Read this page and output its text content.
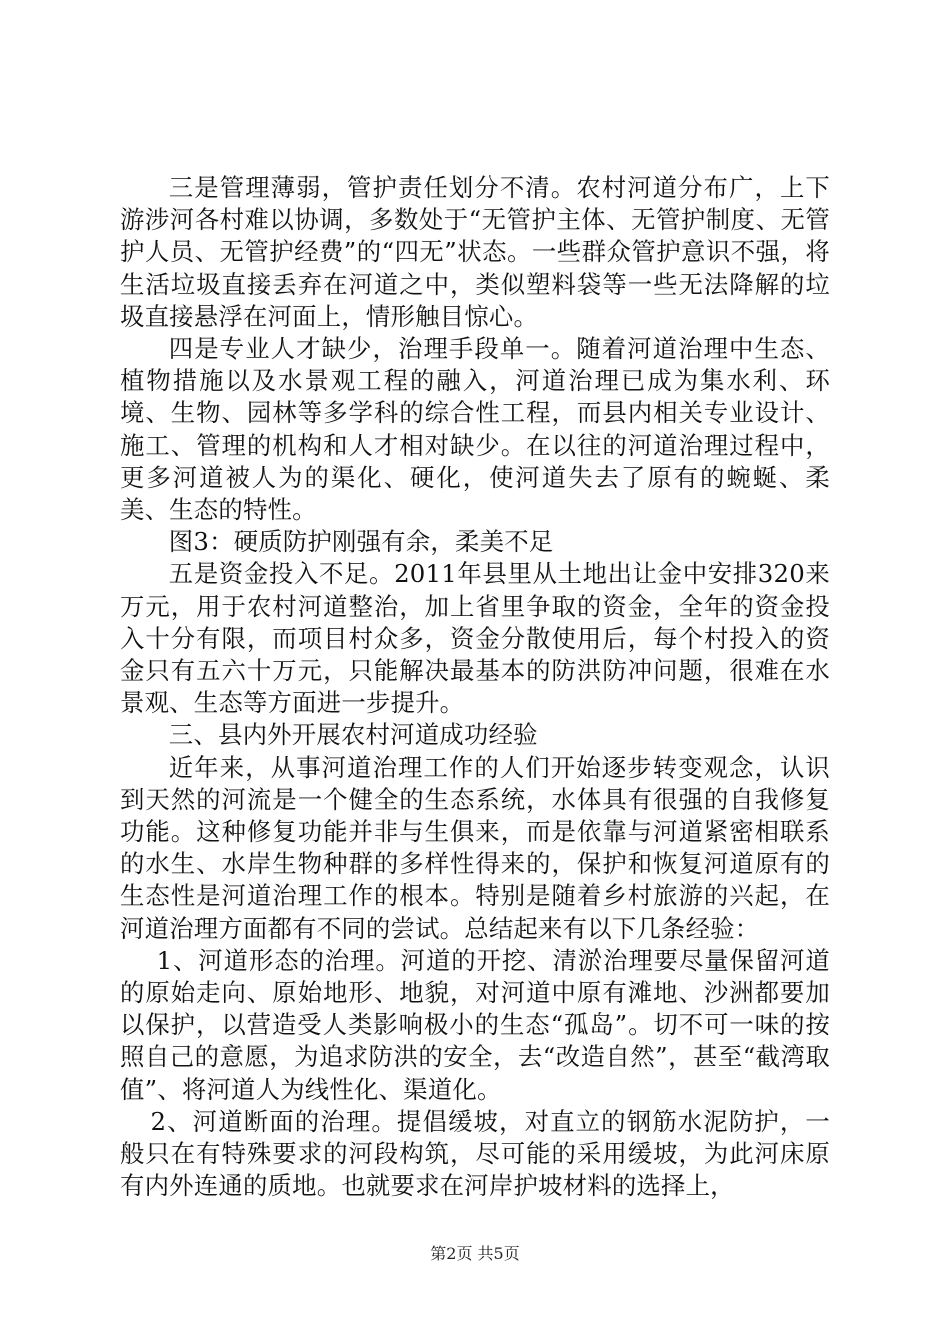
三是管理薄弱，管护责任划分不清。农村河道分布广，上下游涉河各村难以协调，多数处于“无管护主体、无管护制度、无管护人员、无管护经费”的“四无”状态。一些群众管护意识不强，将生活垃圾直接丢弃在河道之中，类似塑料袋等一些无法降解的垃圾直接悬浮在河面上，情形触目惊心。

四是专业人才缺少，治理手段单一。随着河道治理中生态、植物措施以及水景观工程的融入，河道治理已成为集水利、环境、生物、园林等多学科的综合性工程，而县内相关专业设计、施工、管理的机构和人才相对缺少。在以往的河道治理过程中，更多河道被人为的渠化、硬化，使河道失去了原有的蜿蜒、柔美、生态的特性。

图3：硬质防护刚强有余，柔美不足

五是资金投入不足。2011年县里从土地出让金中安排320来万元，用于农村河道整治，加上省里争取的资金，全年的资金投入十分有限，而项目村众多，资金分散使用后，每个村投入的资金只有五六十万元，只能解决最基本的防洪防冲问题，很难在水景观、生态等方面进一步提升。

三、县内外开展农村河道成功经验

近年来，从事河道治理工作的人们开始逐步转变观念，认识到天然的河流是一个健全的生态系统，水体具有很强的自我修复功能。这种修复功能并非与生俱来，而是依靠与河道紧密相联系的水生、水岸生物种群的多样性得来的，保护和恢复河道原有的生态性是河道治理工作的根本。特别是随着乡村旅游的兴起，在河道治理方面都有不同的尝试。总结起来有以下几条经验：

1、河道形态的治理。河道的开挖、清淤治理要尽量保留河道的原始走向、原始地形、地貌，对河道中原有滩地、沙洲都要加以保护，以营造受人类影响极小的生态“孤岛”。切不可一味的按照自己的意愿，为追求防洪的安全，去“改造自然”，甚至“截湾取值”、将河道人为线性化、渠道化。

2、河道断面的治理。提倡缓坡，对直立的钢筋水泥防护，一般只在有特殊要求的河段构筑，尽可能的采用缓坡，为此河床原有内外连通的质地。也就要求在河岸护坡材料的选择上，

第2页 共5页
